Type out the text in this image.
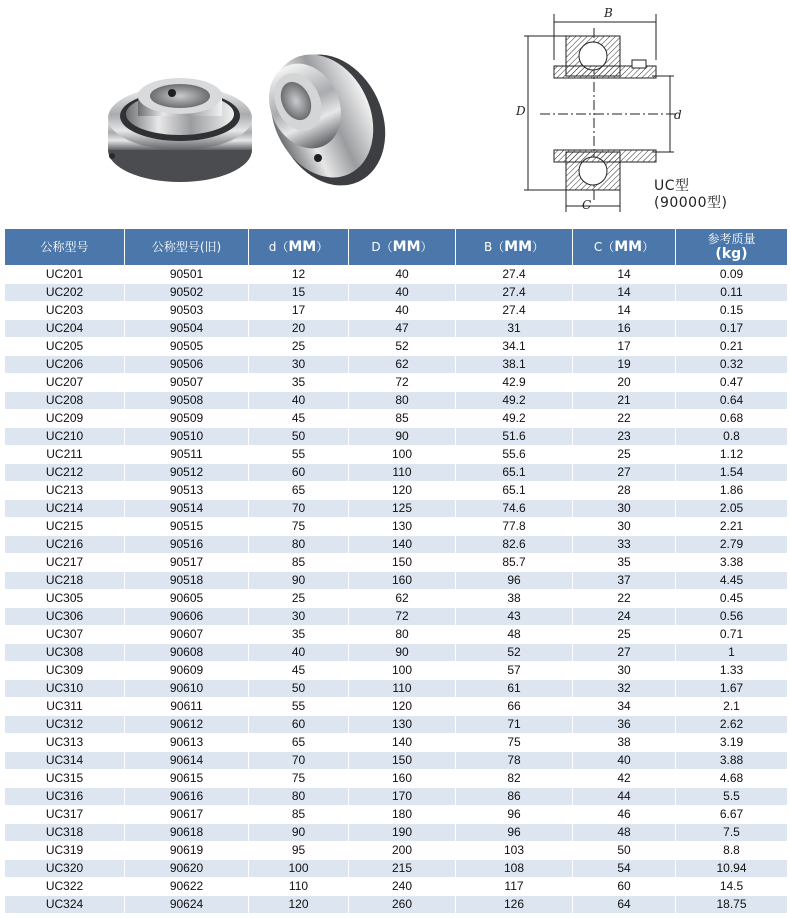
B
D	d
C
UC型
(90000型)
公称型号	公称型号(旧)	d（MM）	D（MM）	B（MM）	C（MM）	参考质量
(kg)
UC201	90501	12	40	27.4	14	0.09
UC202	90502	15	40	27.4	14	0.11
UC203	90503	17	40	27.4	14	0.15
UC204	90504	20	47	31	16	0.17
UC205	90505	25	52	34.1	17	0.21
UC206	90506	30	62	38.1	19	0.32
UC207	90507	35	72	42.9	20	0.47
UC208	90508	40	80	49.2	21	0.64
UC209	90509	45	85	49.2	22	0.68
UC210	90510	50	90	51.6	23	0.8
UC211	90511	55	100	55.6	25	1.12
UC212	90512	60	110	65.1	27	1.54
UC213	90513	65	120	65.1	28	1.86
UC214	90514	70	125	74.6	30	2.05
UC215	90515	75	130	77.8	30	2.21
UC216	90516	80	140	82.6	33	2.79
UC217	90517	85	150	85.7	35	3.38
UC218	90518	90	160	96	37	4.45
UC305	90605	25	62	38	22	0.45
UC306	90606	30	72	43	24	0.56
UC307	90607	35	80	48	25	0.71
UC308	90608	40	90	52	27	1
UC309	90609	45	100	57	30	1.33
UC310	90610	50	110	61	32	1.67
UC311	90611	55	120	66	34	2.1
UC312	90612	60	130	71	36	2.62
UC313	90613	65	140	75	38	3.19
UC314	90614	70	150	78	40	3.88
UC315	90615	75	160	82	42	4.68
UC316	90616	80	170	86	44	5.5
UC317	90617	85	180	96	46	6.67
UC318	90618	90	190	96	48	7.5
UC319	90619	95	200	103	50	8.8
UC320	90620	100	215	108	54	10.94
UC322	90622	110	240	117	60	14.5
UC324	90624	120	260	126	64	18.75
